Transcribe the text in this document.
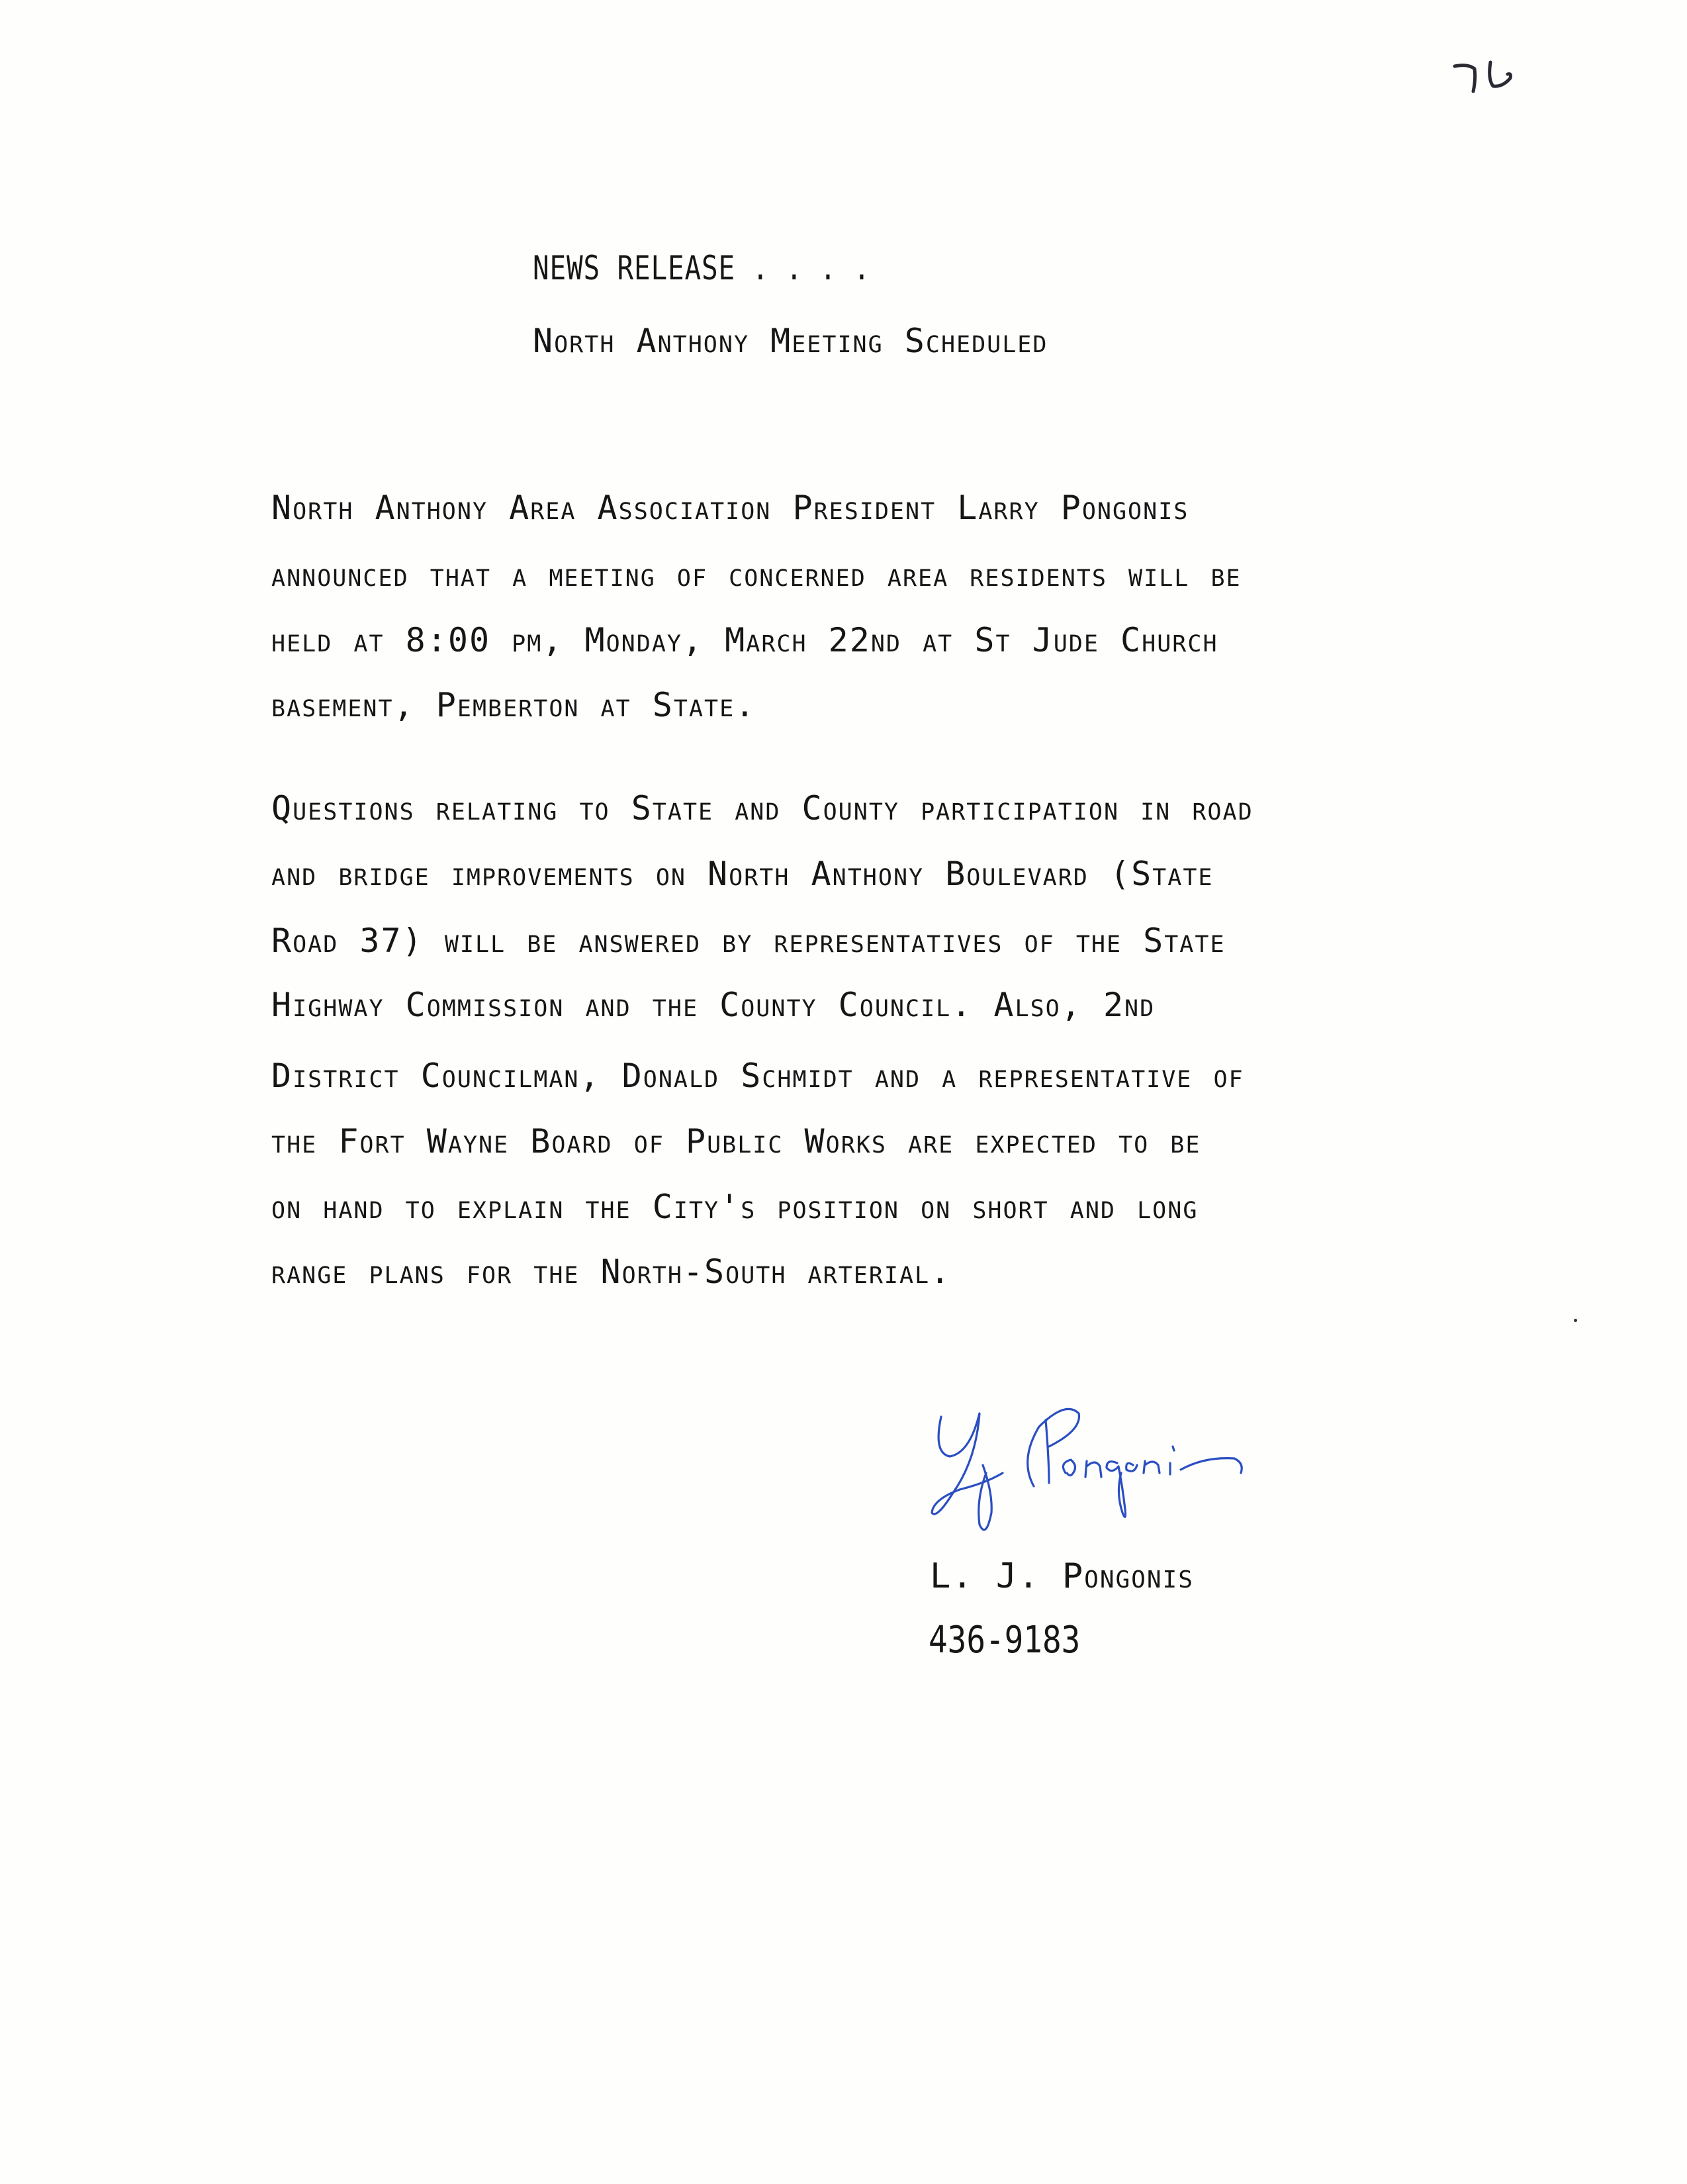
NEWS RELEASE . . . .
North Anthony Meeting Scheduled
North Anthony Area Association President Larry Pongonis
announced that a meeting of concerned area residents will be
held at 8:00 pm, Monday, March 22nd at St Jude Church
basement, Pemberton at State.
Questions relating to State and County participation in road
and bridge improvements on North Anthony Boulevard (State
Road 37) will be answered by representatives of the State
Highway Commission and the County Council. Also, 2nd
District Councilman, Donald Schmidt and a representative of
the Fort Wayne Board of Public Works are expected to be
on hand to explain the City's position on short and long
range plans for the North-South arterial.
L. J. Pongonis
436-9183
